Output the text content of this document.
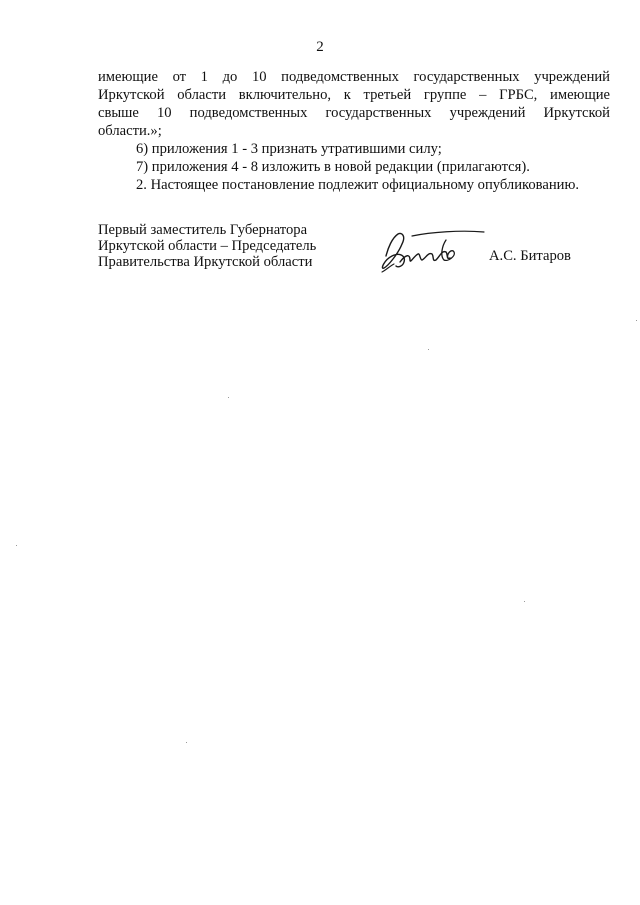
2

имеющие от 1 до 10 подведомственных государственных учреждений

Иркутской области включительно, к третьей группе – ГРБС, имеющие

свыше 10 подведомственных государственных учреждений Иркутской

области.»;

6) приложения 1 - 3 признать утратившими силу;

7) приложения 4 - 8 изложить в новой редакции (прилагаются).

2. Настоящее постановление подлежит официальному опубликованию.

Первый заместитель Губернатора
Иркутской области – Председатель
Правительства Иркутской области	А.С. Битаров
